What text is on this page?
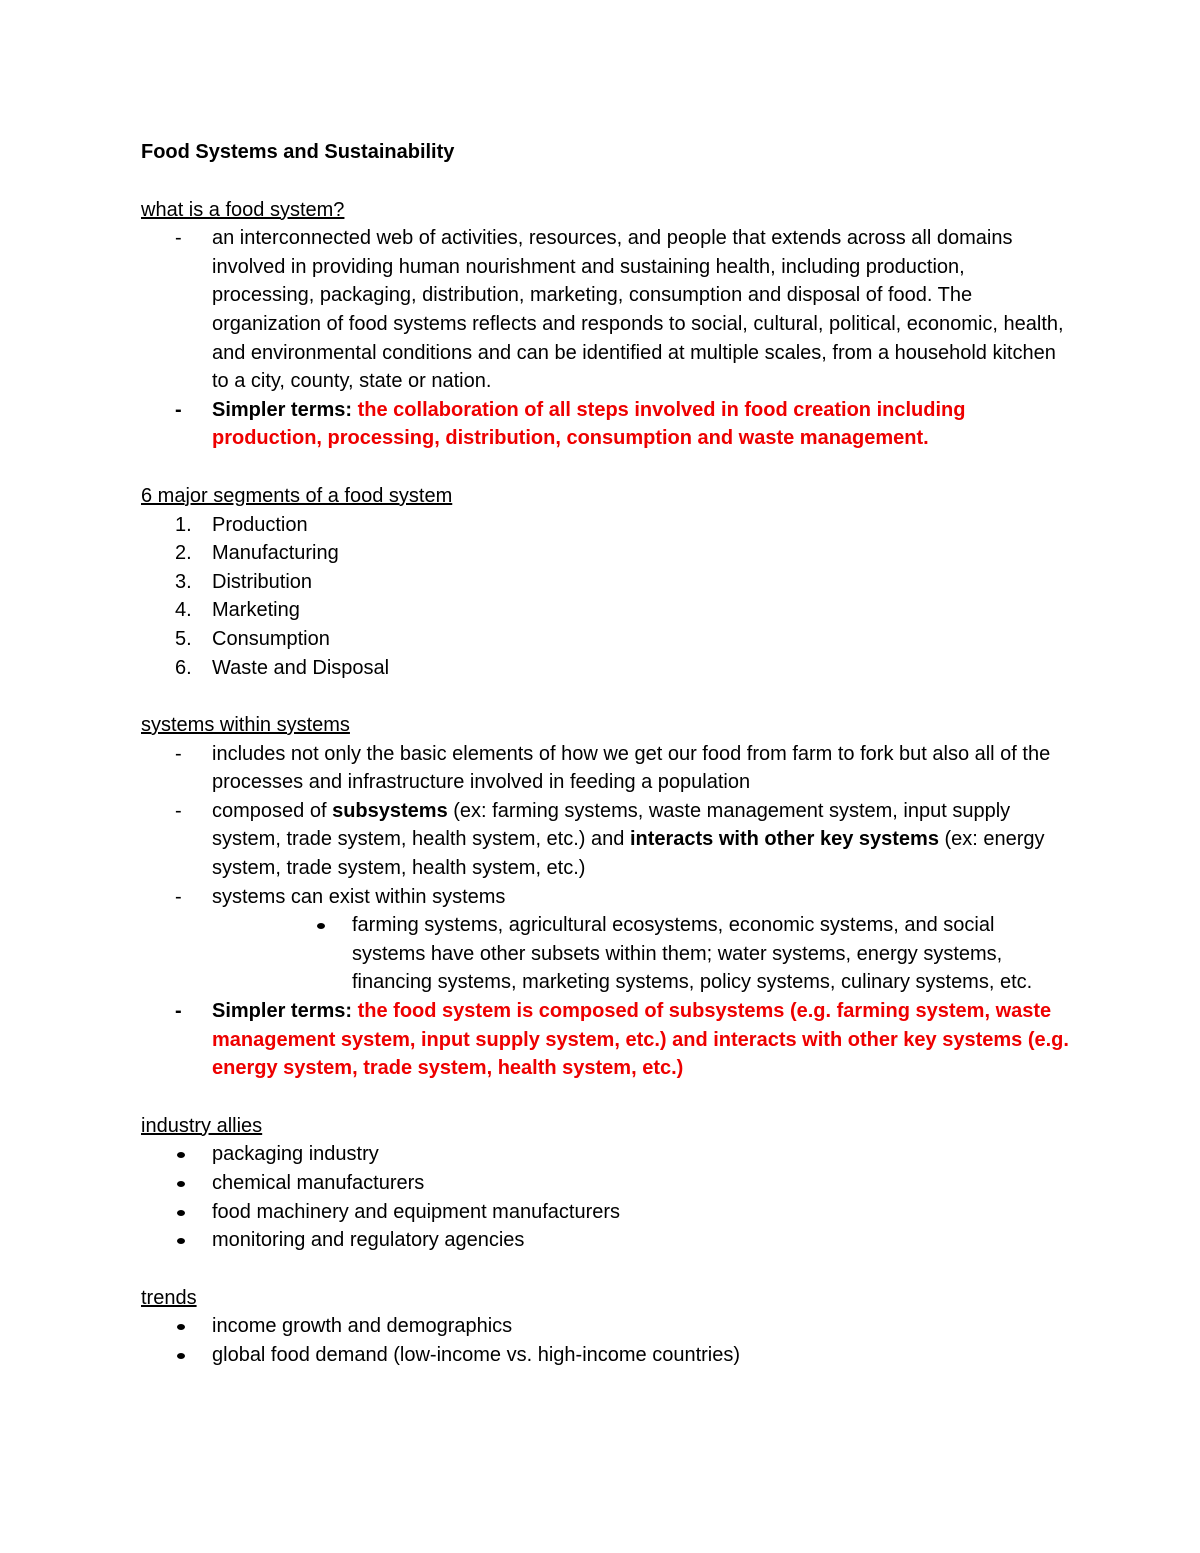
Food Systems and Sustainability
what is a food system?
- an interconnected web of activities, resources, and people that extends across all domains involved in providing human nourishment and sustaining health, including production, processing, packaging, distribution, marketing, consumption and disposal of food. The organization of food systems reflects and responds to social, cultural, political, economic, health, and environmental conditions and can be identified at multiple scales, from a household kitchen to a city, county, state or nation.
- Simpler terms: the collaboration of all steps involved in food creation including production, processing, distribution, consumption and waste management.
6 major segments of a food system
1.	Production
2.	Manufacturing
3.	Distribution
4.	Marketing
5.	Consumption
6.	Waste and Disposal
systems within systems
- includes not only the basic elements of how we get our food from farm to fork but also all of the processes and infrastructure involved in feeding a population
- composed of subsystems (ex: farming systems, waste management system, input supply system, trade system, health system, etc.) and interacts with other key systems (ex: energy system, trade system, health system, etc.)
- systems can exist within systems
farming systems, agricultural ecosystems, economic systems, and social systems have other subsets within them; water systems, energy systems, financing systems, marketing systems, policy systems, culinary systems, etc.
- Simpler terms: the food system is composed of subsystems (e.g. farming system, waste management system, input supply system, etc.) and interacts with other key systems (e.g. energy system, trade system, health system, etc.)
industry allies
packaging industry
chemical manufacturers
food machinery and equipment manufacturers
monitoring and regulatory agencies
trends
income growth and demographics
global food demand (low-income vs. high-income countries)
